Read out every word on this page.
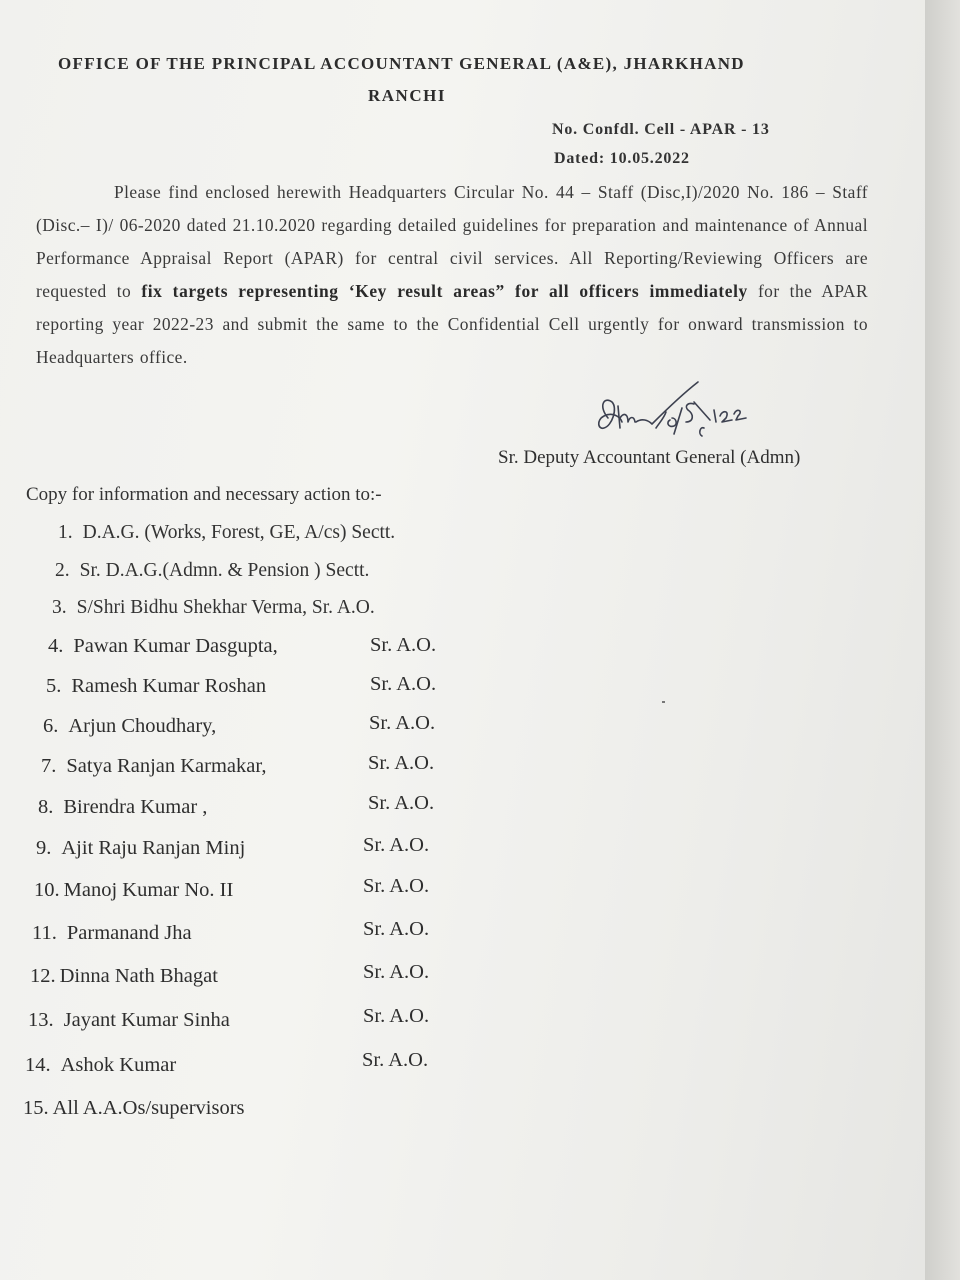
OFFICE OF THE PRINCIPAL ACCOUNTANT GENERAL (A&E), JHARKHAND
RANCHI
No. Confdl. Cell - APAR - 13
Dated: 10.05.2022
Please find enclosed herewith Headquarters Circular No. 44 – Staff (Disc,I)/2020 No. 186 – Staff (Disc.– I)/ 06-2020 dated 21.10.2020 regarding detailed guidelines for preparation and maintenance of Annual Performance Appraisal Report (APAR) for central civil services. All Reporting/Reviewing Officers are requested to fix targets representing ‘Key result areas” for all officers immediately for the APAR reporting year 2022-23 and submit the same to the Confidential Cell urgently for onward transmission to Headquarters office.
Sr. Deputy Accountant General (Admn)
Copy for information and necessary action to:-
1. D.A.G. (Works, Forest, GE, A/cs) Sectt.
2. Sr. D.A.G.(Admn. & Pension ) Sectt.
3. S/Shri Bidhu Shekhar Verma, Sr. A.O.
4. Pawan Kumar Dasgupta,	Sr. A.O.
5. Ramesh Kumar Roshan	Sr. A.O.
6. Arjun Choudhary,	Sr. A.O.
7. Satya Ranjan Karmakar,	Sr. A.O.
8. Birendra Kumar ,	Sr. A.O.
9. Ajit Raju Ranjan Minj	Sr. A.O.
10. Manoj Kumar No. II	Sr. A.O.
11. Parmanand Jha	Sr. A.O.
12. Dinna Nath Bhagat	Sr. A.O.
13. Jayant Kumar Sinha	Sr. A.O.
14. Ashok Kumar	Sr. A.O.
15. All A.A.Os/supervisors
